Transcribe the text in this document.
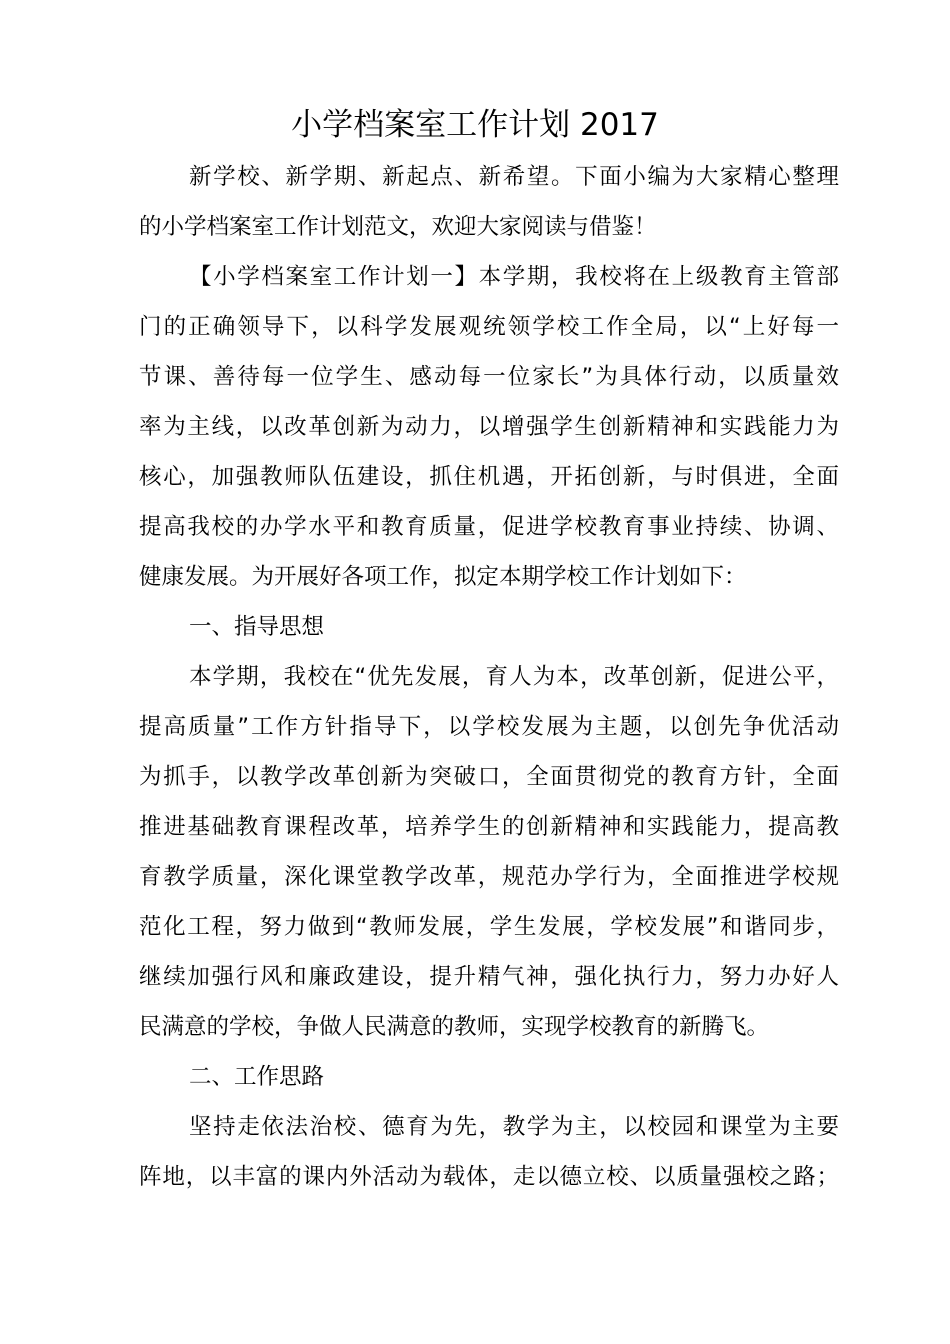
小学档案室工作计划 2017
新学校、新学期、新起点、新希望。下面小编为大家精心整理
的小学档案室工作计划范文，欢迎大家阅读与借鉴！
【小学档案室工作计划一】本学期，我校将在上级教育主管部
门的正确领导下，以科学发展观统领学校工作全局，以“上好每一
节课、善待每一位学生、感动每一位家长”为具体行动，以质量效
率为主线，以改革创新为动力，以增强学生创新精神和实践能力为
核心，加强教师队伍建设，抓住机遇，开拓创新，与时俱进，全面
提高我校的办学水平和教育质量，促进学校教育事业持续、协调、
健康发展。为开展好各项工作，拟定本期学校工作计划如下：
一、指导思想
本学期，我校在“优先发展，育人为本，改革创新，促进公平，
提高质量”工作方针指导下，以学校发展为主题，以创先争优活动
为抓手，以教学改革创新为突破口，全面贯彻党的教育方针，全面
推进基础教育课程改革，培养学生的创新精神和实践能力，提高教
育教学质量，深化课堂教学改革，规范办学行为，全面推进学校规
范化工程，努力做到“教师发展，学生发展，学校发展”和谐同步，
继续加强行风和廉政建设，提升精气神，强化执行力，努力办好人
民满意的学校，争做人民满意的教师，实现学校教育的新腾飞。
二、工作思路
坚持走依法治校、德育为先，教学为主，以校园和课堂为主要
阵地，以丰富的课内外活动为载体，走以德立校、以质量强校之路；
